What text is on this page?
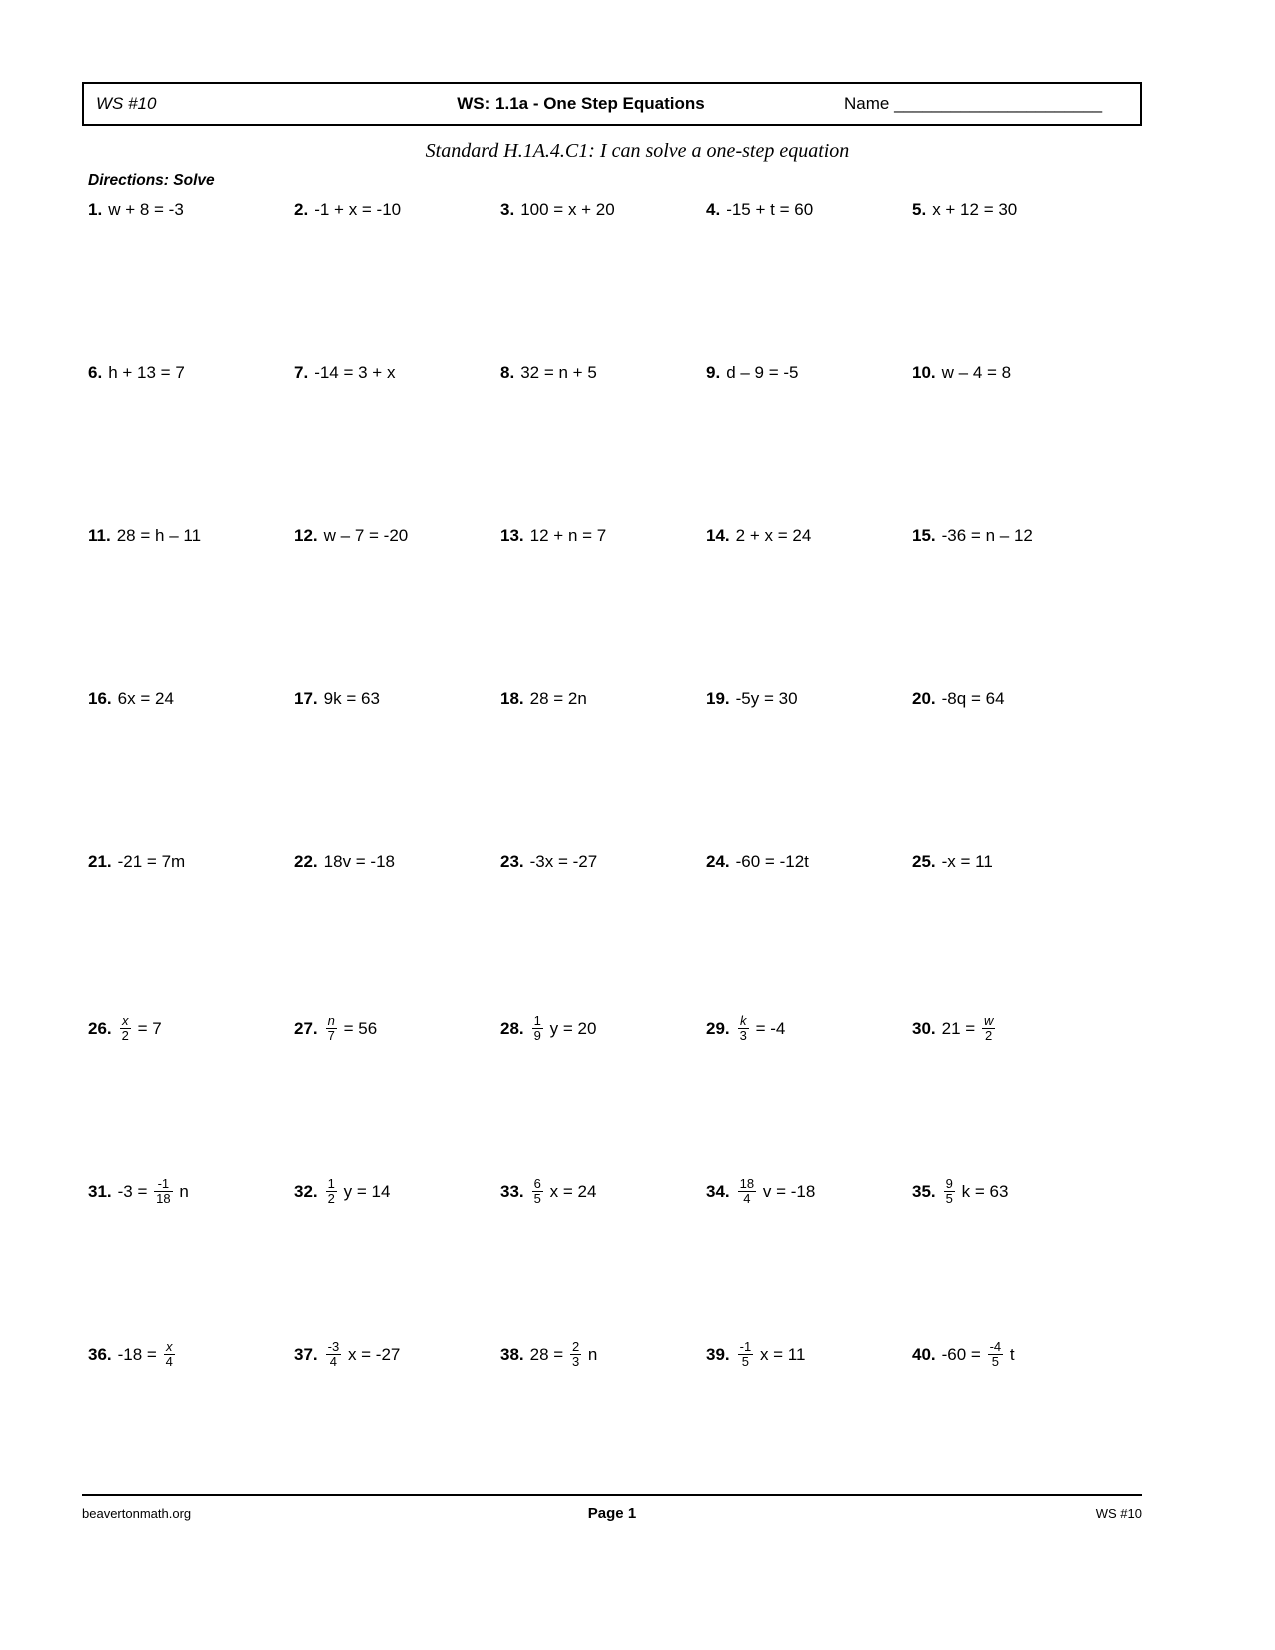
WS #10	WS: 1.1a - One Step Equations	Name ______________________
Standard H.1A.4.C1: I can solve a one-step equation
Directions: Solve
1. w + 8 = -3	2. -1 + x = -10	3. 100 = x + 20	4. -15 + t = 60	5. x + 12 = 30
6. h + 13 = 7	7. -14 = 3 + x	8. 32 = n + 5	9. d – 9 = -5	10. w – 4 = 8
11. 28 = h – 11	12. w – 7 = -20	13. 12 + n = 7	14. 2 + x = 24	15. -36 = n – 12
16. 6x = 24	17. 9k = 63	18. 28 = 2n	19. -5y = 30	20. -8q = 64
21. -21 = 7m	22. 18v = -18	23. -3x = -27	24. -60 = -12t	25. -x = 11
26. $\frac{x}{2} = 7$	27. $\frac{n}{7} = 56$	28. $\frac{1}{9}$ y = 20	29. $\frac{k}{3} = -4$	30. $21 = \frac{w}{2}$
31. $-3 = \frac{-1}{18}$ n	32. $\frac{1}{2}$ y = 14	33. $\frac{6}{5}$ x = 24	34. $\frac{18}{4}$ v = -18	35. $\frac{9}{5}$ k = 63
36. $-18 = \frac{x}{4}$	37. $\frac{-3}{4}$ x = -27	38. $28 = \frac{2}{3}$ n	39. $\frac{-1}{5}$ x = 11	40. $-60 = \frac{-4}{5}$ t
beavertonmath.org	Page 1	WS #10
